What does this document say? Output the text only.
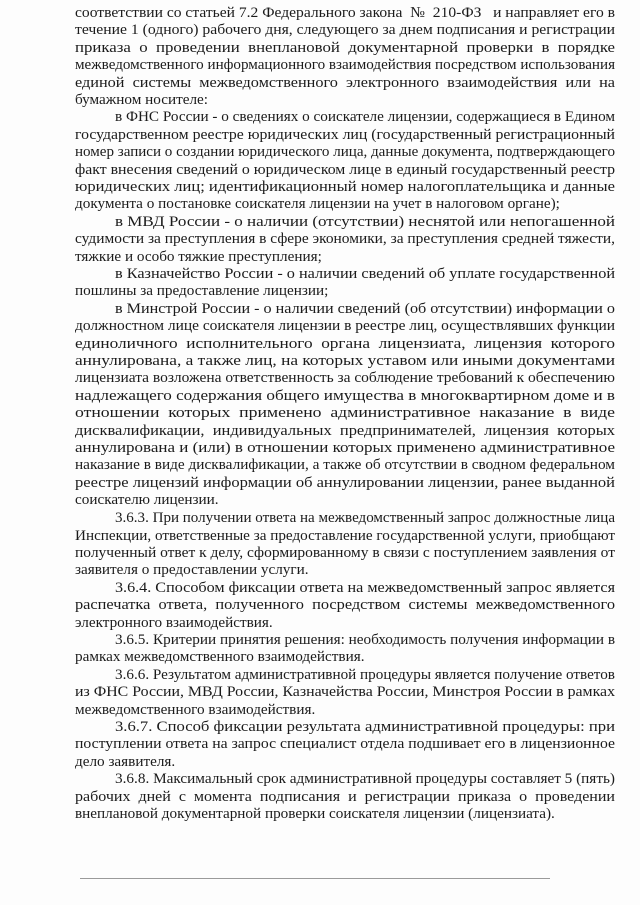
соответствии со статьей 7.2 Федерального закона  №  210-ФЗ   и направляет его в
течение 1 (одного) рабочего дня, следующего за днем подписания и регистрации
приказа  о  проведении  внеплановой  документарной  проверки  в  порядке
межведомственного информационного взаимодействия посредством использования
единой  системы  межведомственного  электронного  взаимодействия  или  на
бумажном носителе:
в ФНС России - о сведениях о соискателе лицензии, содержащиеся в Едином
государственном реестре юридических лиц (государственный регистрационный
номер записи о создании юридического лица, данные документа, подтверждающего
факт внесения сведений о юридическом лице в единый государственный реестр
юридических лиц; идентификационный номер налогоплательщика и данные
документа о постановке соискателя лицензии на учет в налоговом органе);
в МВД России - о наличии (отсутствии) неснятой или непогашенной
судимости за преступления в сфере экономики, за преступления средней тяжести,
тяжкие и особо тяжкие преступления;
в Казначейство России - о наличии сведений об уплате государственной
пошлины за предоставление лицензии;
в Минстрой России - о наличии сведений (об отсутствии) информации о
должностном лице соискателя лицензии в реестре лиц, осуществлявших функции
единоличного  исполнительного  органа  лицензиата,  лицензия  которого
аннулирована, а также лиц, на которых уставом или иными документами
лицензиата возложена ответственность за соблюдение требований к обеспечению
надлежащего содержания общего имущества в многоквартирном доме и в
отношении  которых  применено  административное  наказание  в  виде
дисквалификации,  индивидуальных  предпринимателей,  лицензия  которых
аннулирована и (или) в отношении которых применено административное
наказание в виде дисквалификации, а также об отсутствии в сводном федеральном
реестре лицензий информации об аннулировании лицензии, ранее выданной
соискателю лицензии.
3.6.3. При получении ответа на межведомственный запрос должностные лица
Инспекции, ответственные за предоставление государственной услуги, приобщают
полученный ответ к делу, сформированному в связи с поступлением заявления от
заявителя о предоставлении услуги.
3.6.4. Способом фиксации ответа на межведомственный запрос является
распечатка  ответа,  полученного  посредством  системы  межведомственного
электронного взаимодействия.
3.6.5. Критерии принятия решения: необходимость получения информации в
рамках межведомственного взаимодействия.
3.6.6. Результатом административной процедуры является получение ответов
из ФНС России, МВД России, Казначейства России, Минстроя России в рамках
межведомственного взаимодействия.
3.6.7. Способ фиксации результата административной процедуры: при
поступлении ответа на запрос специалист отдела подшивает его в лицензионное
дело заявителя.
3.6.8. Максимальный срок административной процедуры составляет 5 (пять)
рабочих  дней  с  момента  подписания  и  регистрации  приказа  о  проведении
внеплановой документарной проверки соискателя лицензии (лицензиата).
